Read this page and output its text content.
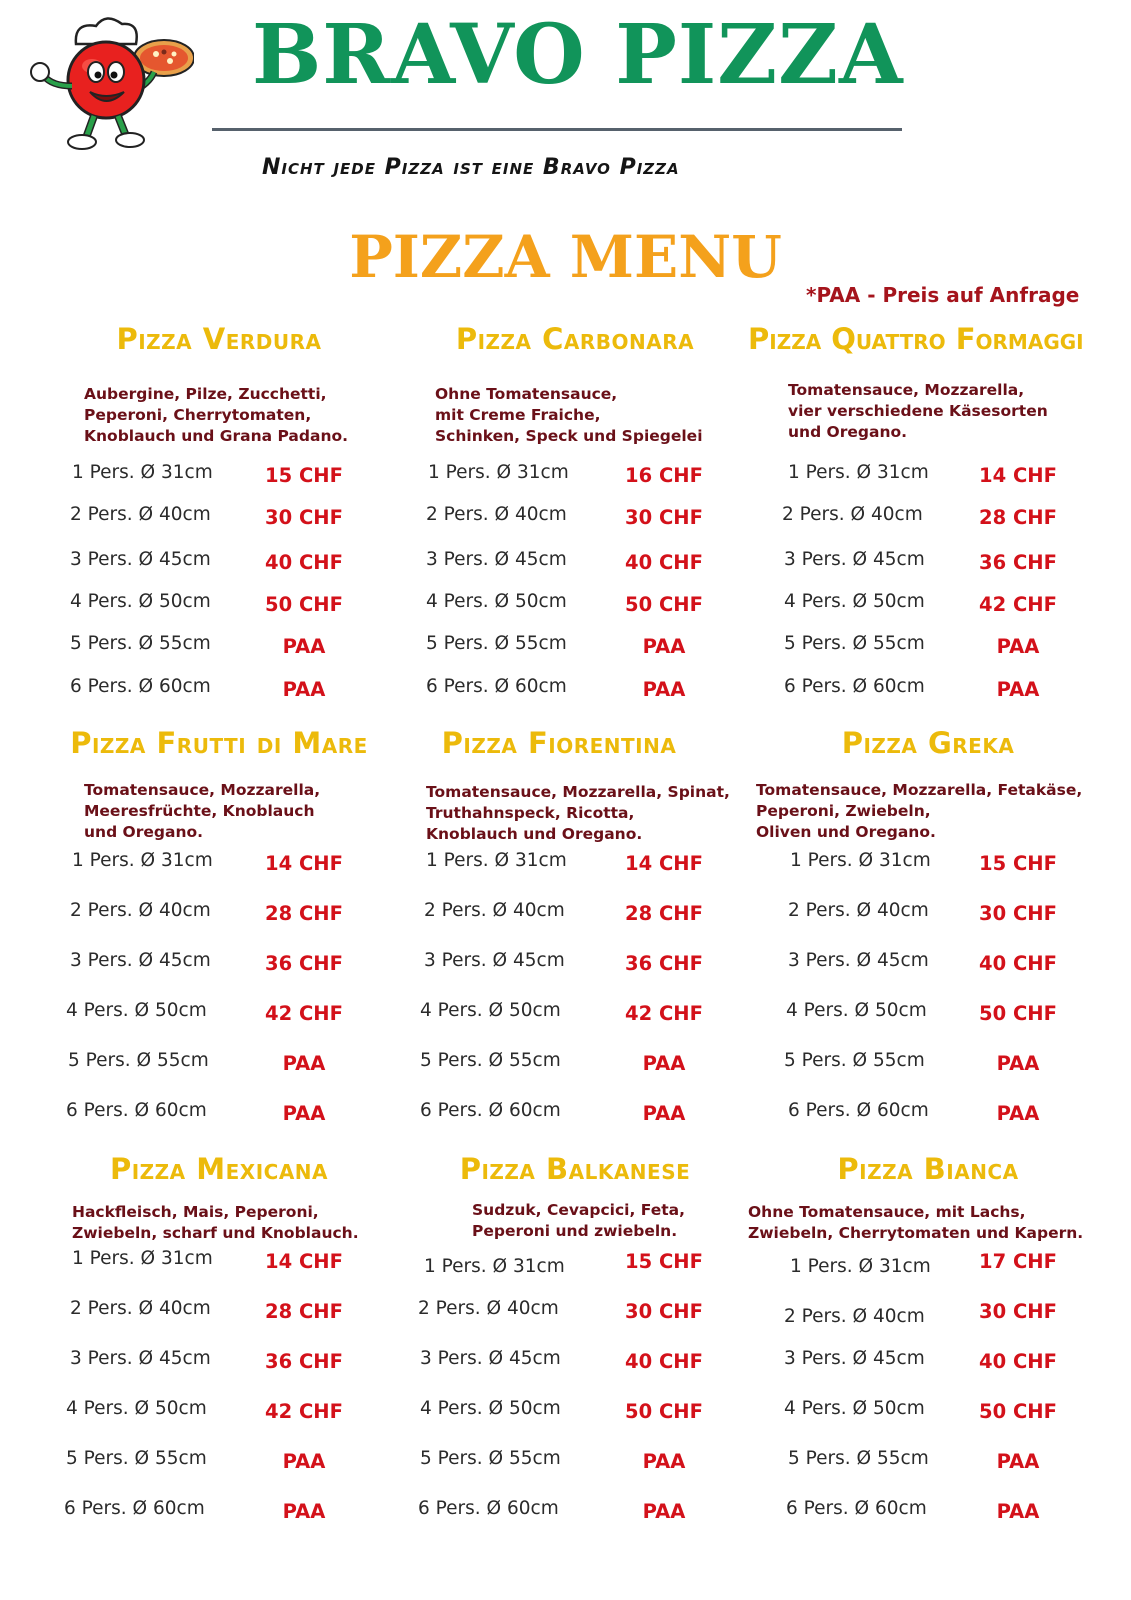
BRAVO PIZZA
Nicht jede Pizza ist eine Bravo Pizza
PIZZA MENU
*PAA - Preis auf Anfrage
Pizza Verdura
Aubergine, Pilze, Zucchetti,
Peperoni, Cherrytomaten,
Knoblauch und Grana Padano.
1 Pers. Ø 31cm	15 CHF
2 Pers. Ø 40cm	30 CHF
3 Pers. Ø 45cm	40 CHF
4 Pers. Ø 50cm	50 CHF
5 Pers. Ø 55cm	PAA
6 Pers. Ø 60cm	PAA
Pizza Carbonara
Ohne Tomatensauce,
mit Creme Fraiche,
Schinken, Speck und Spiegelei
1 Pers. Ø 31cm	16 CHF
2 Pers. Ø 40cm	30 CHF
3 Pers. Ø 45cm	40 CHF
4 Pers. Ø 50cm	50 CHF
5 Pers. Ø 55cm	PAA
6 Pers. Ø 60cm	PAA
Pizza Quattro Formaggi
Tomatensauce, Mozzarella,
vier verschiedene Käsesorten
und Oregano.
1 Pers. Ø 31cm	14 CHF
2 Pers. Ø 40cm	28 CHF
3 Pers. Ø 45cm	36 CHF
4 Pers. Ø 50cm	42 CHF
5 Pers. Ø 55cm	PAA
6 Pers. Ø 60cm	PAA
Pizza Frutti di Mare
Tomatensauce, Mozzarella,
Meeresfrüchte, Knoblauch
und Oregano.
1 Pers. Ø 31cm	14 CHF
2 Pers. Ø 40cm	28 CHF
3 Pers. Ø 45cm	36 CHF
4 Pers. Ø 50cm	42 CHF
5 Pers. Ø 55cm	PAA
6 Pers. Ø 60cm	PAA
Pizza Fiorentina
Tomatensauce, Mozzarella, Spinat,
Truthahnspeck, Ricotta,
Knoblauch und Oregano.
1 Pers. Ø 31cm	14 CHF
2 Pers. Ø 40cm	28 CHF
3 Pers. Ø 45cm	36 CHF
4 Pers. Ø 50cm	42 CHF
5 Pers. Ø 55cm	PAA
6 Pers. Ø 60cm	PAA
Pizza Greka
Tomatensauce, Mozzarella, Fetakäse,
Peperoni, Zwiebeln,
Oliven und Oregano.
1 Pers. Ø 31cm	15 CHF
2 Pers. Ø 40cm	30 CHF
3 Pers. Ø 45cm	40 CHF
4 Pers. Ø 50cm	50 CHF
5 Pers. Ø 55cm	PAA
6 Pers. Ø 60cm	PAA
Pizza Mexicana
Hackfleisch, Mais, Peperoni,
Zwiebeln, scharf und Knoblauch.
1 Pers. Ø 31cm	14 CHF
2 Pers. Ø 40cm	28 CHF
3 Pers. Ø 45cm	36 CHF
4 Pers. Ø 50cm	42 CHF
5 Pers. Ø 55cm	PAA
6 Pers. Ø 60cm	PAA
Pizza Balkanese
Sudzuk, Cevapcici, Feta,
Peperoni und zwiebeln.
1 Pers. Ø 31cm	15 CHF
2 Pers. Ø 40cm	30 CHF
3 Pers. Ø 45cm	40 CHF
4 Pers. Ø 50cm	50 CHF
5 Pers. Ø 55cm	PAA
6 Pers. Ø 60cm	PAA
Pizza Bianca
Ohne Tomatensauce, mit Lachs,
Zwiebeln, Cherrytomaten und Kapern.
1 Pers. Ø 31cm	17 CHF
2 Pers. Ø 40cm	30 CHF
3 Pers. Ø 45cm	40 CHF
4 Pers. Ø 50cm	50 CHF
5 Pers. Ø 55cm	PAA
6 Pers. Ø 60cm	PAA
